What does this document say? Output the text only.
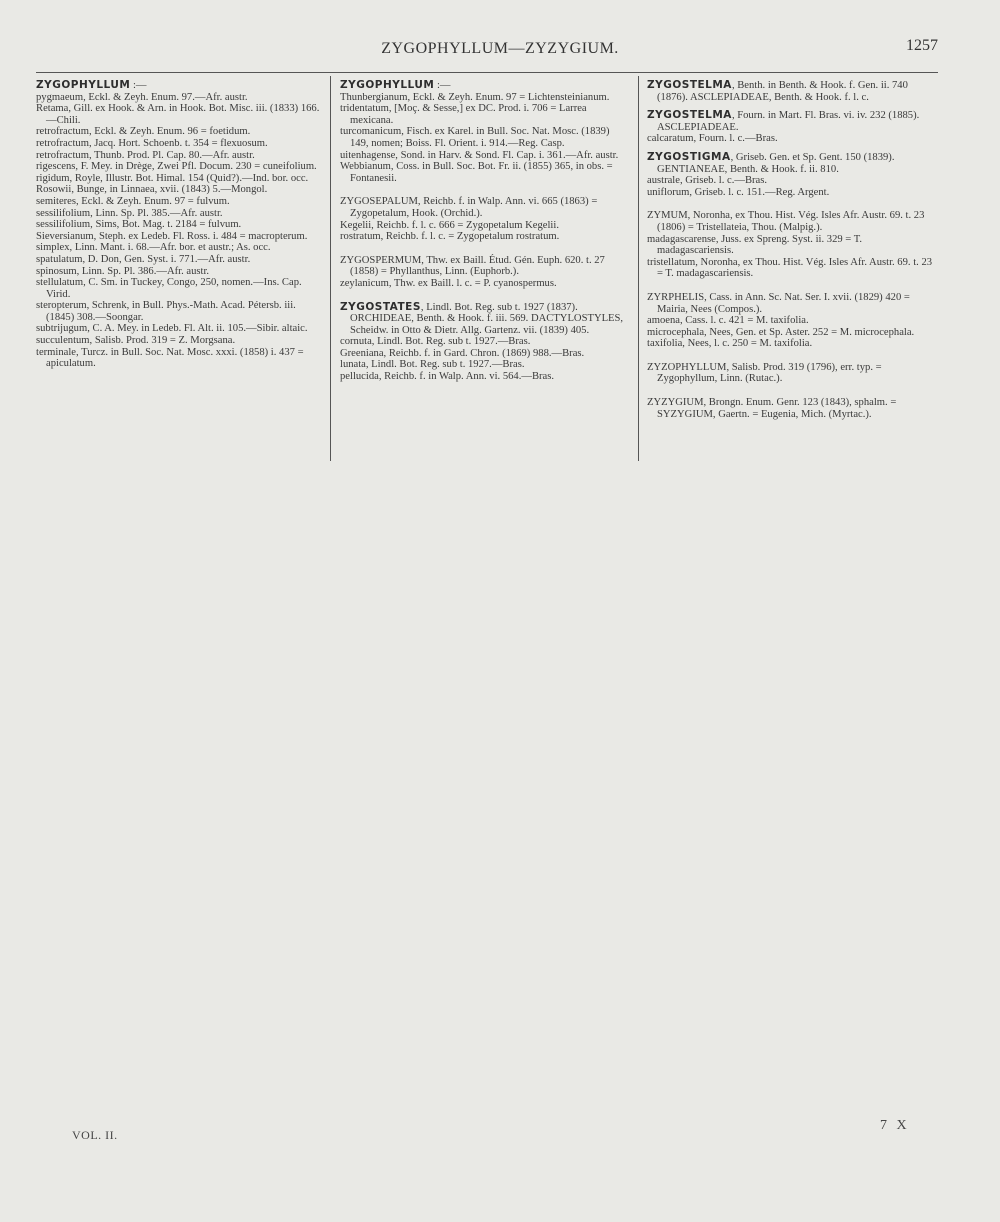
ZYGOPHYLLUM—ZYZYGIUM.	1257
ZYGOPHYLLUM :—
pygmaeum, Eckl. & Zeyh. Enum. 97.—Afr. austr.
Retama, Gill. ex Hook. & Arn. in Hook. Bot. Misc. iii. (1833) 166.—Chili.
retrofractum, Eckl. & Zeyh. Enum. 96 = foetidum.
retrofractum, Jacq. Hort. Schoenb. t. 354 = flexuosum.
retrofractum, Thunb. Prod. Pl. Cap. 80.—Afr. austr.
rigescens, F. Mey. in Drège, Zwei Pfl. Docum. 230 = cuneifolium.
rigidum, Royle, Illustr. Bot. Himal. 154 (Quid?).—Ind. bor. occ.
Rosowii, Bunge, in Linnaea, xvii. (1843) 5.—Mongol.
semiteres, Eckl. & Zeyh. Enum. 97 = fulvum.
sessilifolium, Linn. Sp. Pl. 385.—Afr. austr.
sessilifolium, Sims, Bot. Mag. t. 2184 = fulvum.
Sieversianum, Steph. ex Ledeb. Fl. Ross. i. 484 = macropterum.
simplex, Linn. Mant. i. 68.—Afr. bor. et austr.; As. occ.
spatulatum, D. Don, Gen. Syst. i. 771.—Afr. austr.
spinosum, Linn. Sp. Pl. 386.—Afr. austr.
stellulatum, C. Sm. in Tuckey, Congo, 250, nomen.—Ins. Cap. Virid.
steropterum, Schrenk, in Bull. Phys.-Math. Acad. Pétersb. iii. (1845) 308.—Soongar.
subtrijugum, C. A. Mey. in Ledeb. Fl. Alt. ii. 105.—Sibir. altaic.
succulentum, Salisb. Prod. 319 = Z. Morgsana.
terminale, Turcz. in Bull. Soc. Nat. Mosc. xxxi. (1858) i. 437 = apiculatum.
ZYGOPHYLLUM :—
Thunbergianum, Eckl. & Zeyh. Enum. 97 = Lichtensteinianum.
tridentatum, [Moç. & Sesse,] ex DC. Prod. i. 706 = Larrea mexicana.
turcomanicum, Fisch. ex Karel. in Bull. Soc. Nat. Mosc. (1839) 149, nomen; Boiss. Fl. Orient. i. 914.—Reg. Casp.
uitenhagense, Sond. in Harv. & Sond. Fl. Cap. i. 361.—Afr. austr.
Webbianum, Coss. in Bull. Soc. Bot. Fr. ii. (1855) 365, in obs. = Fontanesii.
ZYGOSEPALUM, Reichb. f. in Walp. Ann. vi. 665 (1863) = Zygopetalum, Hook. (Orchid.).
Kegelii, Reichb. f. l. c. 666 = Zygopetalum Kegelii.
rostratum, Reichb. f. l. c. = Zygopetalum rostratum.
ZYGOSPERMUM, Thw. ex Baill. Étud. Gén. Euph. 620. t. 27 (1858) = Phyllanthus, Linn. (Euphorb.).
zeylanicum, Thw. ex Baill. l. c. = P. cyanospermus.
ZYGOSTATES, Lindl. Bot. Reg. sub t. 1927 (1837). ORCHIDEAE, Benth. & Hook. f. iii. 569. DACTYLOSTYLES, Scheidw. in Otto & Dietr. Allg. Gartenz. vii. (1839) 405.
cornuta, Lindl. Bot. Reg. sub t. 1927.—Bras.
Greeniana, Reichb. f. in Gard. Chron. (1869) 988.—Bras.
lunata, Lindl. Bot. Reg. sub t. 1927.—Bras.
pellucida, Reichb. f. in Walp. Ann. vi. 564.—Bras.
ZYGOSTELMA, Benth. in Benth. & Hook. f. Gen. ii. 740 (1876). ASCLEPIADEAE, Benth. & Hook. f. l. c.
ZYGOSTELMA, Fourn. in Mart. Fl. Bras. vi. iv. 232 (1885). ASCLEPIADEAE.
calcaratum, Fourn. l. c.—Bras.
ZYGOSTIGMA, Griseb. Gen. et Sp. Gent. 150 (1839). GENTIANEAE, Benth. & Hook. f. ii. 810.
australe, Griseb. l. c.—Bras.
uniflorum, Griseb. l. c. 151.—Reg. Argent.
ZYMUM, Noronha, ex Thou. Hist. Vég. Isles Afr. Austr. 69. t. 23 (1806) = Tristellateia, Thou. (Malpig.).
madagascarense, Juss. ex Spreng. Syst. ii. 329 = T. madagascariensis.
tristellatum, Noronha, ex Thou. Hist. Vég. Isles Afr. Austr. 69. t. 23 = T. madagascariensis.
ZYRPHELIS, Cass. in Ann. Sc. Nat. Ser. I. xvii. (1829) 420 = Mairia, Nees (Compos.).
amoena, Cass. l. c. 421 = M. taxifolia.
microcephala, Nees, Gen. et Sp. Aster. 252 = M. microcephala.
taxifolia, Nees, l. c. 250 = M. taxifolia.
ZYZOPHYLLUM, Salisb. Prod. 319 (1796), err. typ. = Zygophyllum, Linn. (Rutac.).
ZYZYGIUM, Brongn. Enum. Genr. 123 (1843), sphalm. = SYZYGIUM, Gaertn. = Eugenia, Mich. (Myrtac.).
VOL. II.
7 X
